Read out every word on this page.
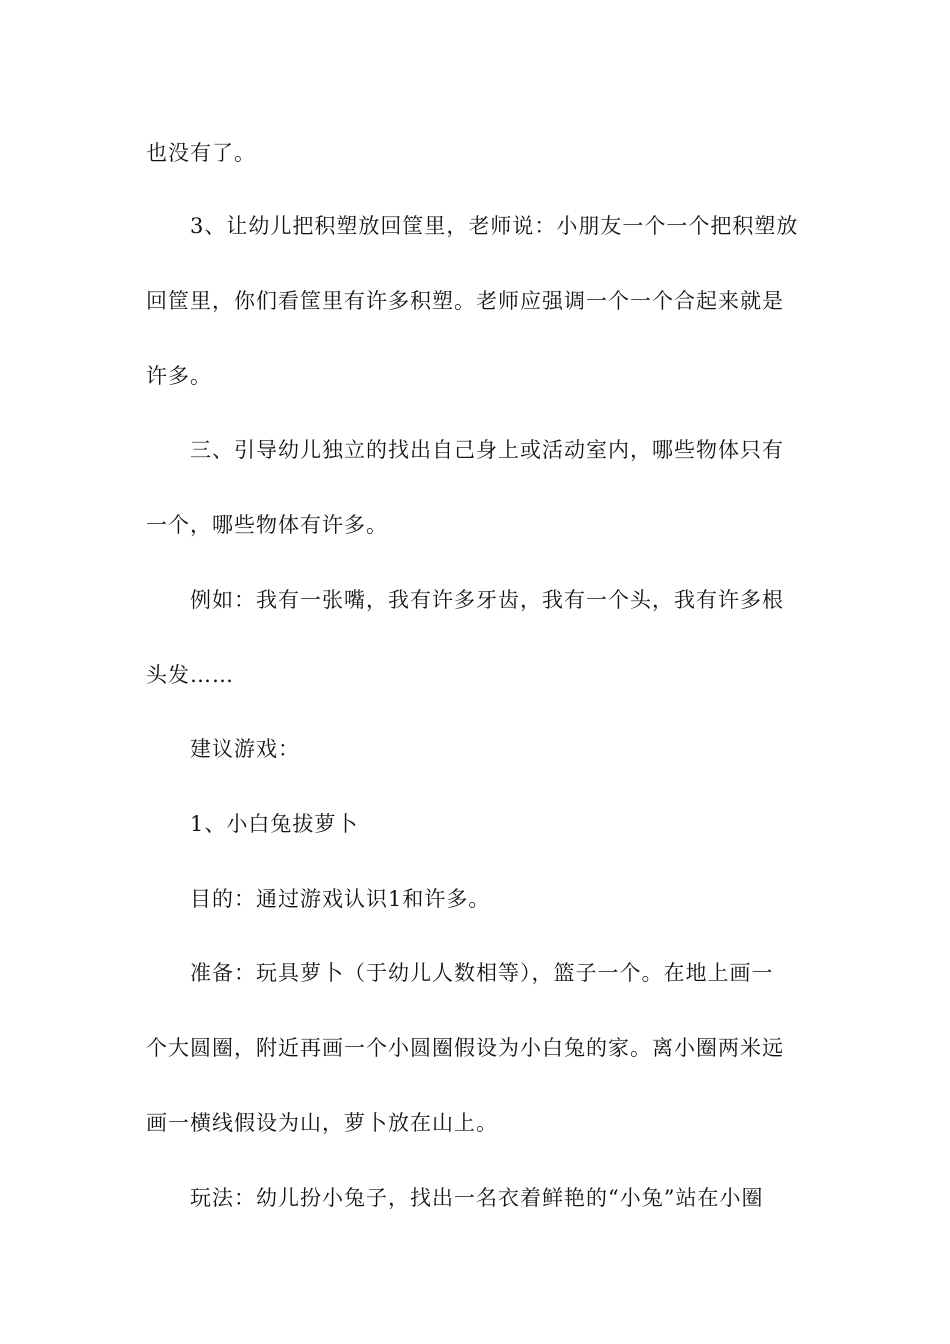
也没有了。
3、让幼儿把积塑放回筐里，老师说：小朋友一个一个把积塑放
回筐里，你们看筐里有许多积塑。老师应强调一个一个合起来就是
许多。
三、引导幼儿独立的找出自己身上或活动室内，哪些物体只有
一个，哪些物体有许多。
例如：我有一张嘴，我有许多牙齿，我有一个头，我有许多根
头发……
建议游戏：
1、小白兔拔萝卜
目的：通过游戏认识1和许多。
准备：玩具萝卜（于幼儿人数相等），篮子一个。在地上画一
个大圆圈，附近再画一个小圆圈假设为小白兔的家。离小圈两米远
画一横线假设为山，萝卜放在山上。
玩法：幼儿扮小兔子，找出一名衣着鲜艳的“小兔”站在小圈
